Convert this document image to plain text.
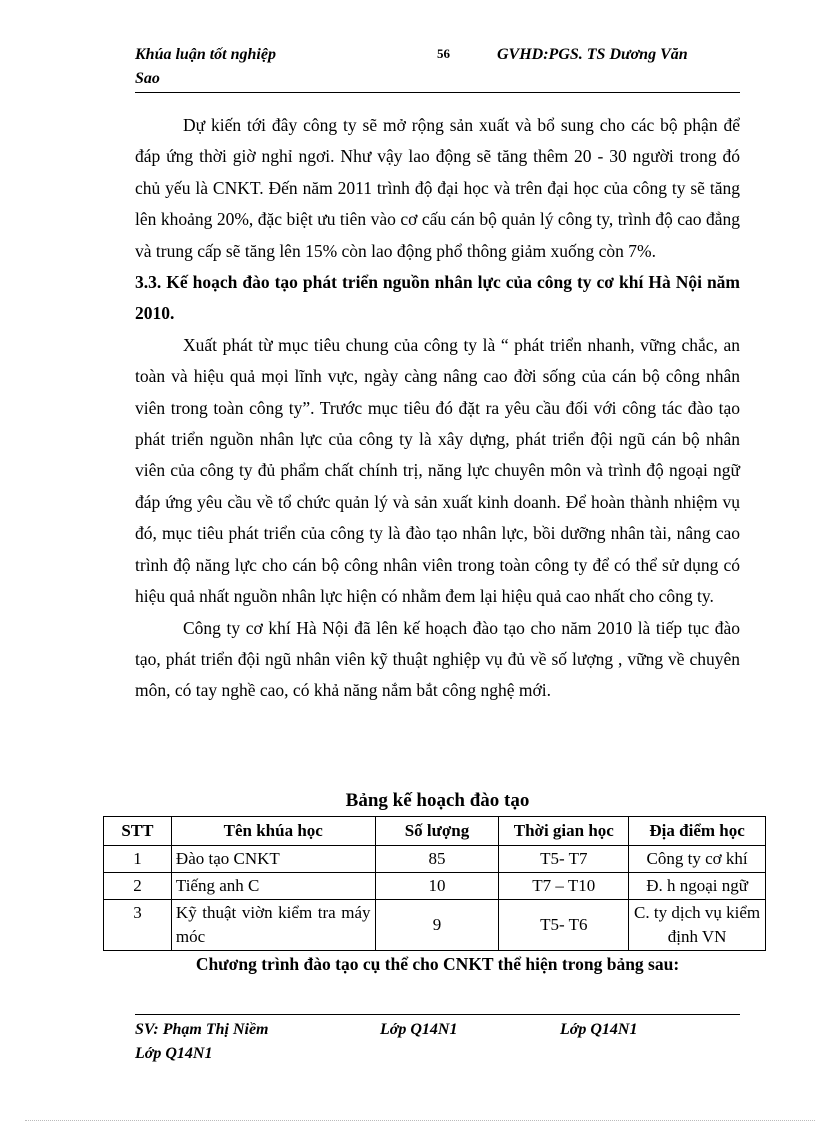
Khúa luận tốt nghiệp	56	GVHD:PGS. TS Dương Văn
Sao

Dự kiến tới đây công ty sẽ mở rộng sản xuất và bổ sung cho các bộ phận để đáp ứng thời giờ nghỉ ngơi. Như vậy lao động sẽ tăng thêm 20 - 30 người trong đó chủ yếu là CNKT. Đến năm 2011 trình độ đại học và trên đại học của công ty sẽ tăng lên khoảng 20%, đặc biệt ưu tiên vào cơ cấu cán bộ quản lý công ty, trình độ cao đẳng và trung cấp sẽ tăng lên 15% còn lao động phổ thông giảm xuống còn 7%.

3.3. Kế hoạch đào tạo phát triển nguồn nhân lực của công ty cơ khí Hà Nội năm 2010.

Xuất phát từ mục tiêu chung của công ty là “ phát triển nhanh, vững chắc, an toàn và hiệu quả mọi lĩnh vực, ngày càng nâng cao đời sống của cán bộ công nhân viên trong toàn công ty”. Trước mục tiêu đó đặt ra yêu cầu đối với công tác đào tạo phát triển nguồn nhân lực của công ty là xây dựng, phát triển đội ngũ cán bộ nhân viên của công ty đủ phẩm chất chính trị, năng lực chuyên môn và trình độ ngoại ngữ đáp ứng yêu cầu về tổ chức quản lý và sản xuất kinh doanh. Để hoàn thành nhiệm vụ đó, mục tiêu phát triển của công ty là đào tạo nhân lực, bồi dưỡng nhân tài, nâng cao trình độ năng lực cho cán bộ công nhân viên trong toàn công ty để có thể sử dụng có hiệu quả nhất nguồn nhân lực hiện có nhằm đem lại hiệu quả cao nhất cho công ty.

Công ty cơ khí Hà Nội đã lên kế hoạch đào tạo cho năm 2010 là tiếp tục đào tạo, phát triển đội ngũ nhân viên kỹ thuật nghiệp vụ đủ về số lượng , vững về chuyên môn, có tay nghề cao, có khả năng nắm bắt công nghệ mới.

Bảng kế hoạch đào tạo
STT	Tên khúa học	Số lượng	Thời gian học	Địa điểm học
1	Đào tạo CNKT	85	T5- T7	Công ty cơ khí
2	Tiếng anh C	10	T7 – T10	Đ. h ngoại ngữ
3	Kỹ thuật viờn kiểm tra máy móc	9	T5- T6	C. ty dịch vụ kiểm định VN
Chương trình đào tạo cụ thể cho CNKT thể hiện trong bảng sau:
SV: Phạm Thị Niềm	Lớp Q14N1	Lớp Q14N1
Lớp Q14N1
